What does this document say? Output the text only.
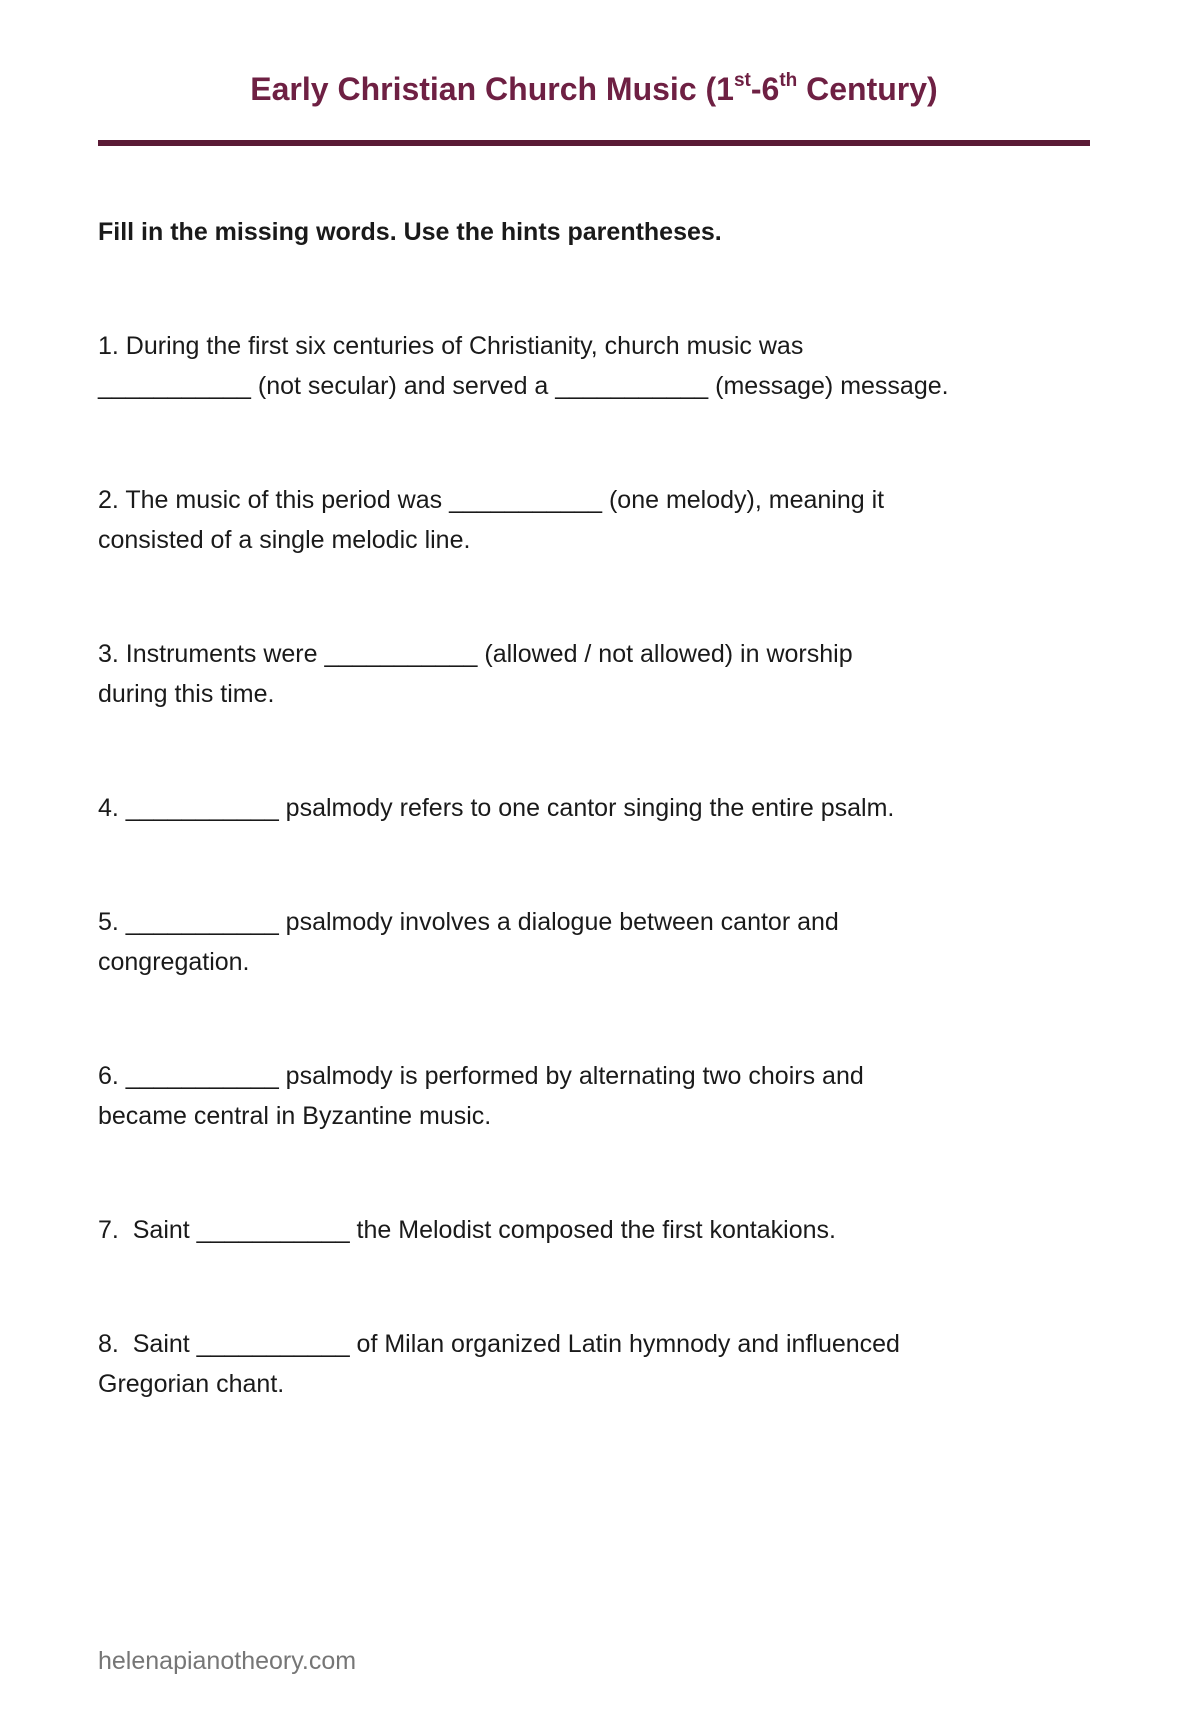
Early Christian Church Music (1st-6th Century)

Fill in the missing words. Use the hints parentheses.

1. During the first six centuries of Christianity, church music was
___________ (not secular) and served a ___________ (message) message.
2. The music of this period was ___________ (one melody), meaning it
consisted of a single melodic line.
3. Instruments were ___________ (allowed / not allowed) in worship
during this time.
4. ___________ psalmody refers to one cantor singing the entire psalm.
5. ___________ psalmody involves a dialogue between cantor and
congregation.
6. ___________ psalmody is performed by alternating two choirs and
became central in Byzantine music.
7.  Saint ___________ the Melodist composed the first kontakions.
8.  Saint ___________ of Milan organized Latin hymnody and influenced
Gregorian chant.
helenapianotheory.com
